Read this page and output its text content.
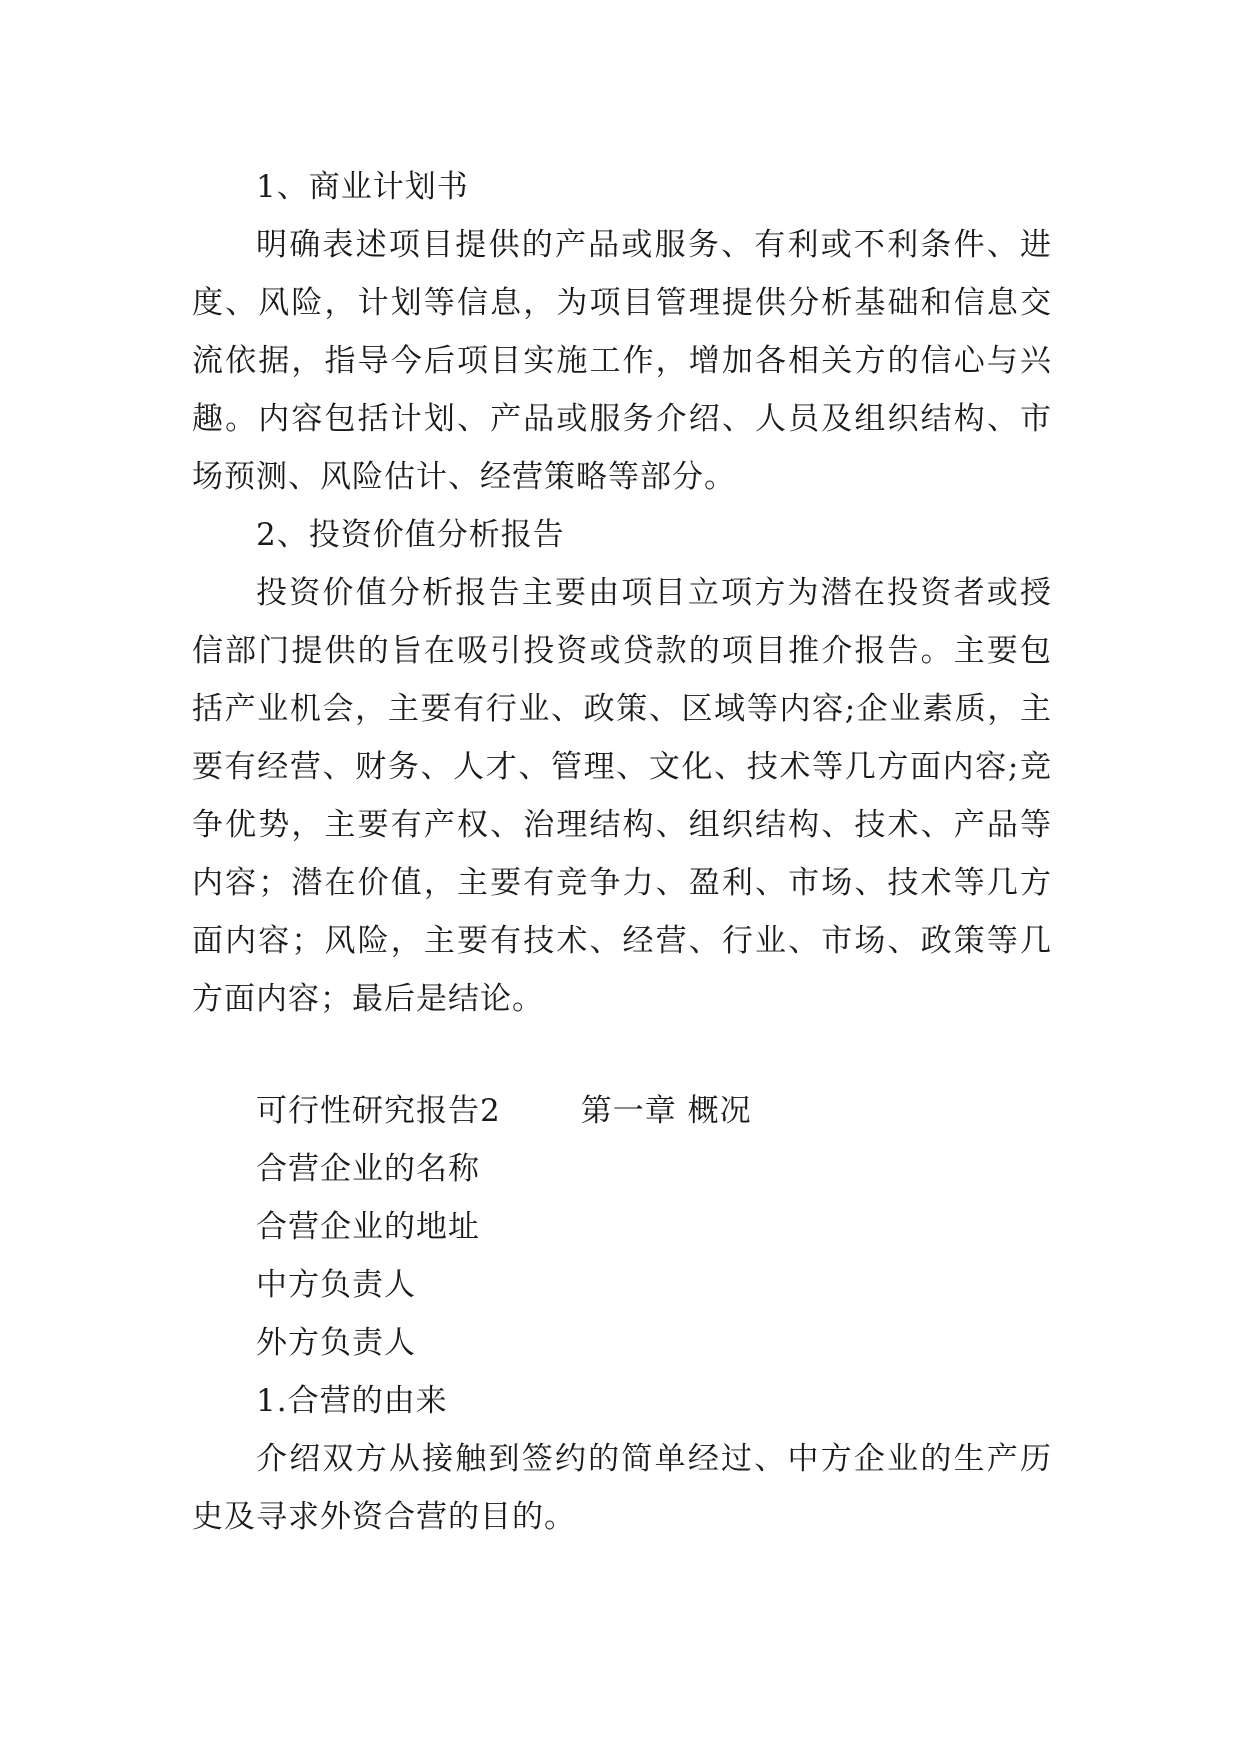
1、商业计划书

明确表述项目提供的产品或服务、有利或不利条件、进度、风险，计划等信息，为项目管理提供分析基础和信息交流依据，指导今后项目实施工作，增加各相关方的信心与兴趣。内容包括计划、产品或服务介绍、人员及组织结构、市场预测、风险估计、经营策略等部分。

2、投资价值分析报告

投资价值分析报告主要由项目立项方为潜在投资者或授信部门提供的旨在吸引投资或贷款的项目推介报告。主要包括产业机会，主要有行业、政策、区域等内容;企业素质，主要有经营、财务、人才、管理、文化、技术等几方面内容;竞争优势，主要有产权、治理结构、组织结构、技术、产品等内容；潜在价值，主要有竞争力、盈利、市场、技术等几方面内容；风险，主要有技术、经营、行业、市场、政策等几方面内容；最后是结论。

可行性研究报告2	第一章 概况

合营企业的名称

合营企业的地址

中方负责人

外方负责人

1.合营的由来

介绍双方从接触到签约的简单经过、中方企业的生产历史及寻求外资合营的目的。
